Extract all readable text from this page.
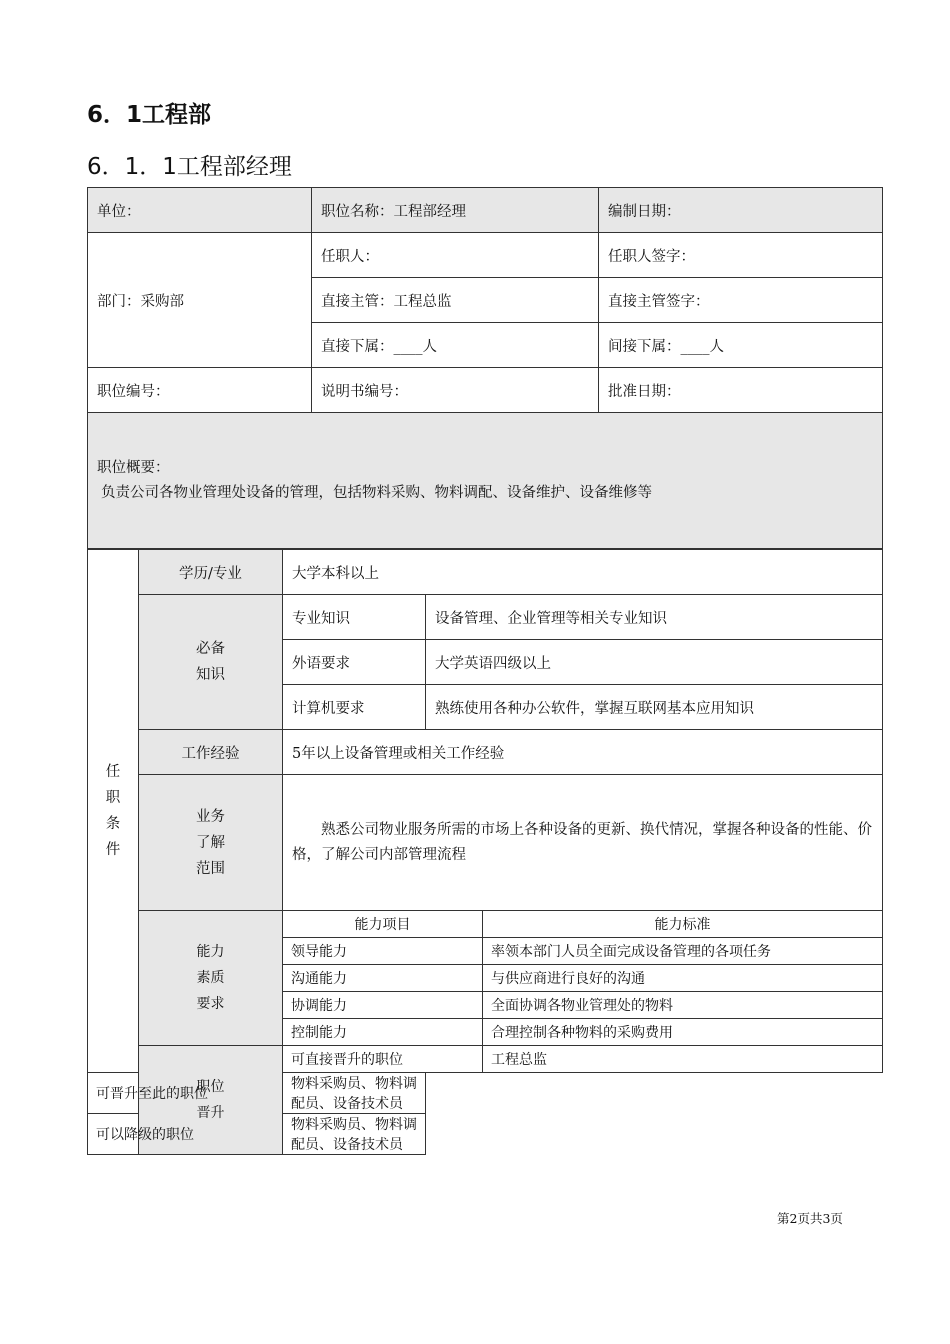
6．1工程部
6．1．1工程部经理
单位：	职位名称：工程部经理	编制日期：
部门：采购部	任职人：	任职人签字：
	直接主管：工程总监	直接主管签字：
	直接下属：____人	间接下属：____人
职位编号：	说明书编号：	批准日期：

职位概要：
负责公司各物业管理处设备的管理，包括物料采购、物料调配、设备维护、设备维修等		
任
职
条
件	学历/专业	大学本科以上		

	必备
知识	专业知识	设备管理、企业管理等相关专业知识	
		外语要求	大学英语四级以上	
		计算机要求	熟练使用各种办公软件，掌握互联网基本应用知识	
	工作经验	5年以上设备管理或相关工作经验		

	业务
了解
范围	熟悉公司物业服务所需的市场上各种设备的更新、换代情况，掌握各种设备的性能、价格，了解公司内部管理流程		

	能力
素质
要求	能力项目		能力标准
		领导能力		率领本部门人员全面完成设备管理的各项任务
		沟通能力		与供应商进行良好的沟通
		协调能力		全面协调各物业管理处的物料
		控制能力		合理控制各种物料的采购费用

	职位
晋升	可直接晋升的职位		工程总监
可晋升至此的职位		物料采购员、物料调配员、设备技术员		
可以降级的职位		物料采购员、物料调配员、设备技术员		
第2页共3页
